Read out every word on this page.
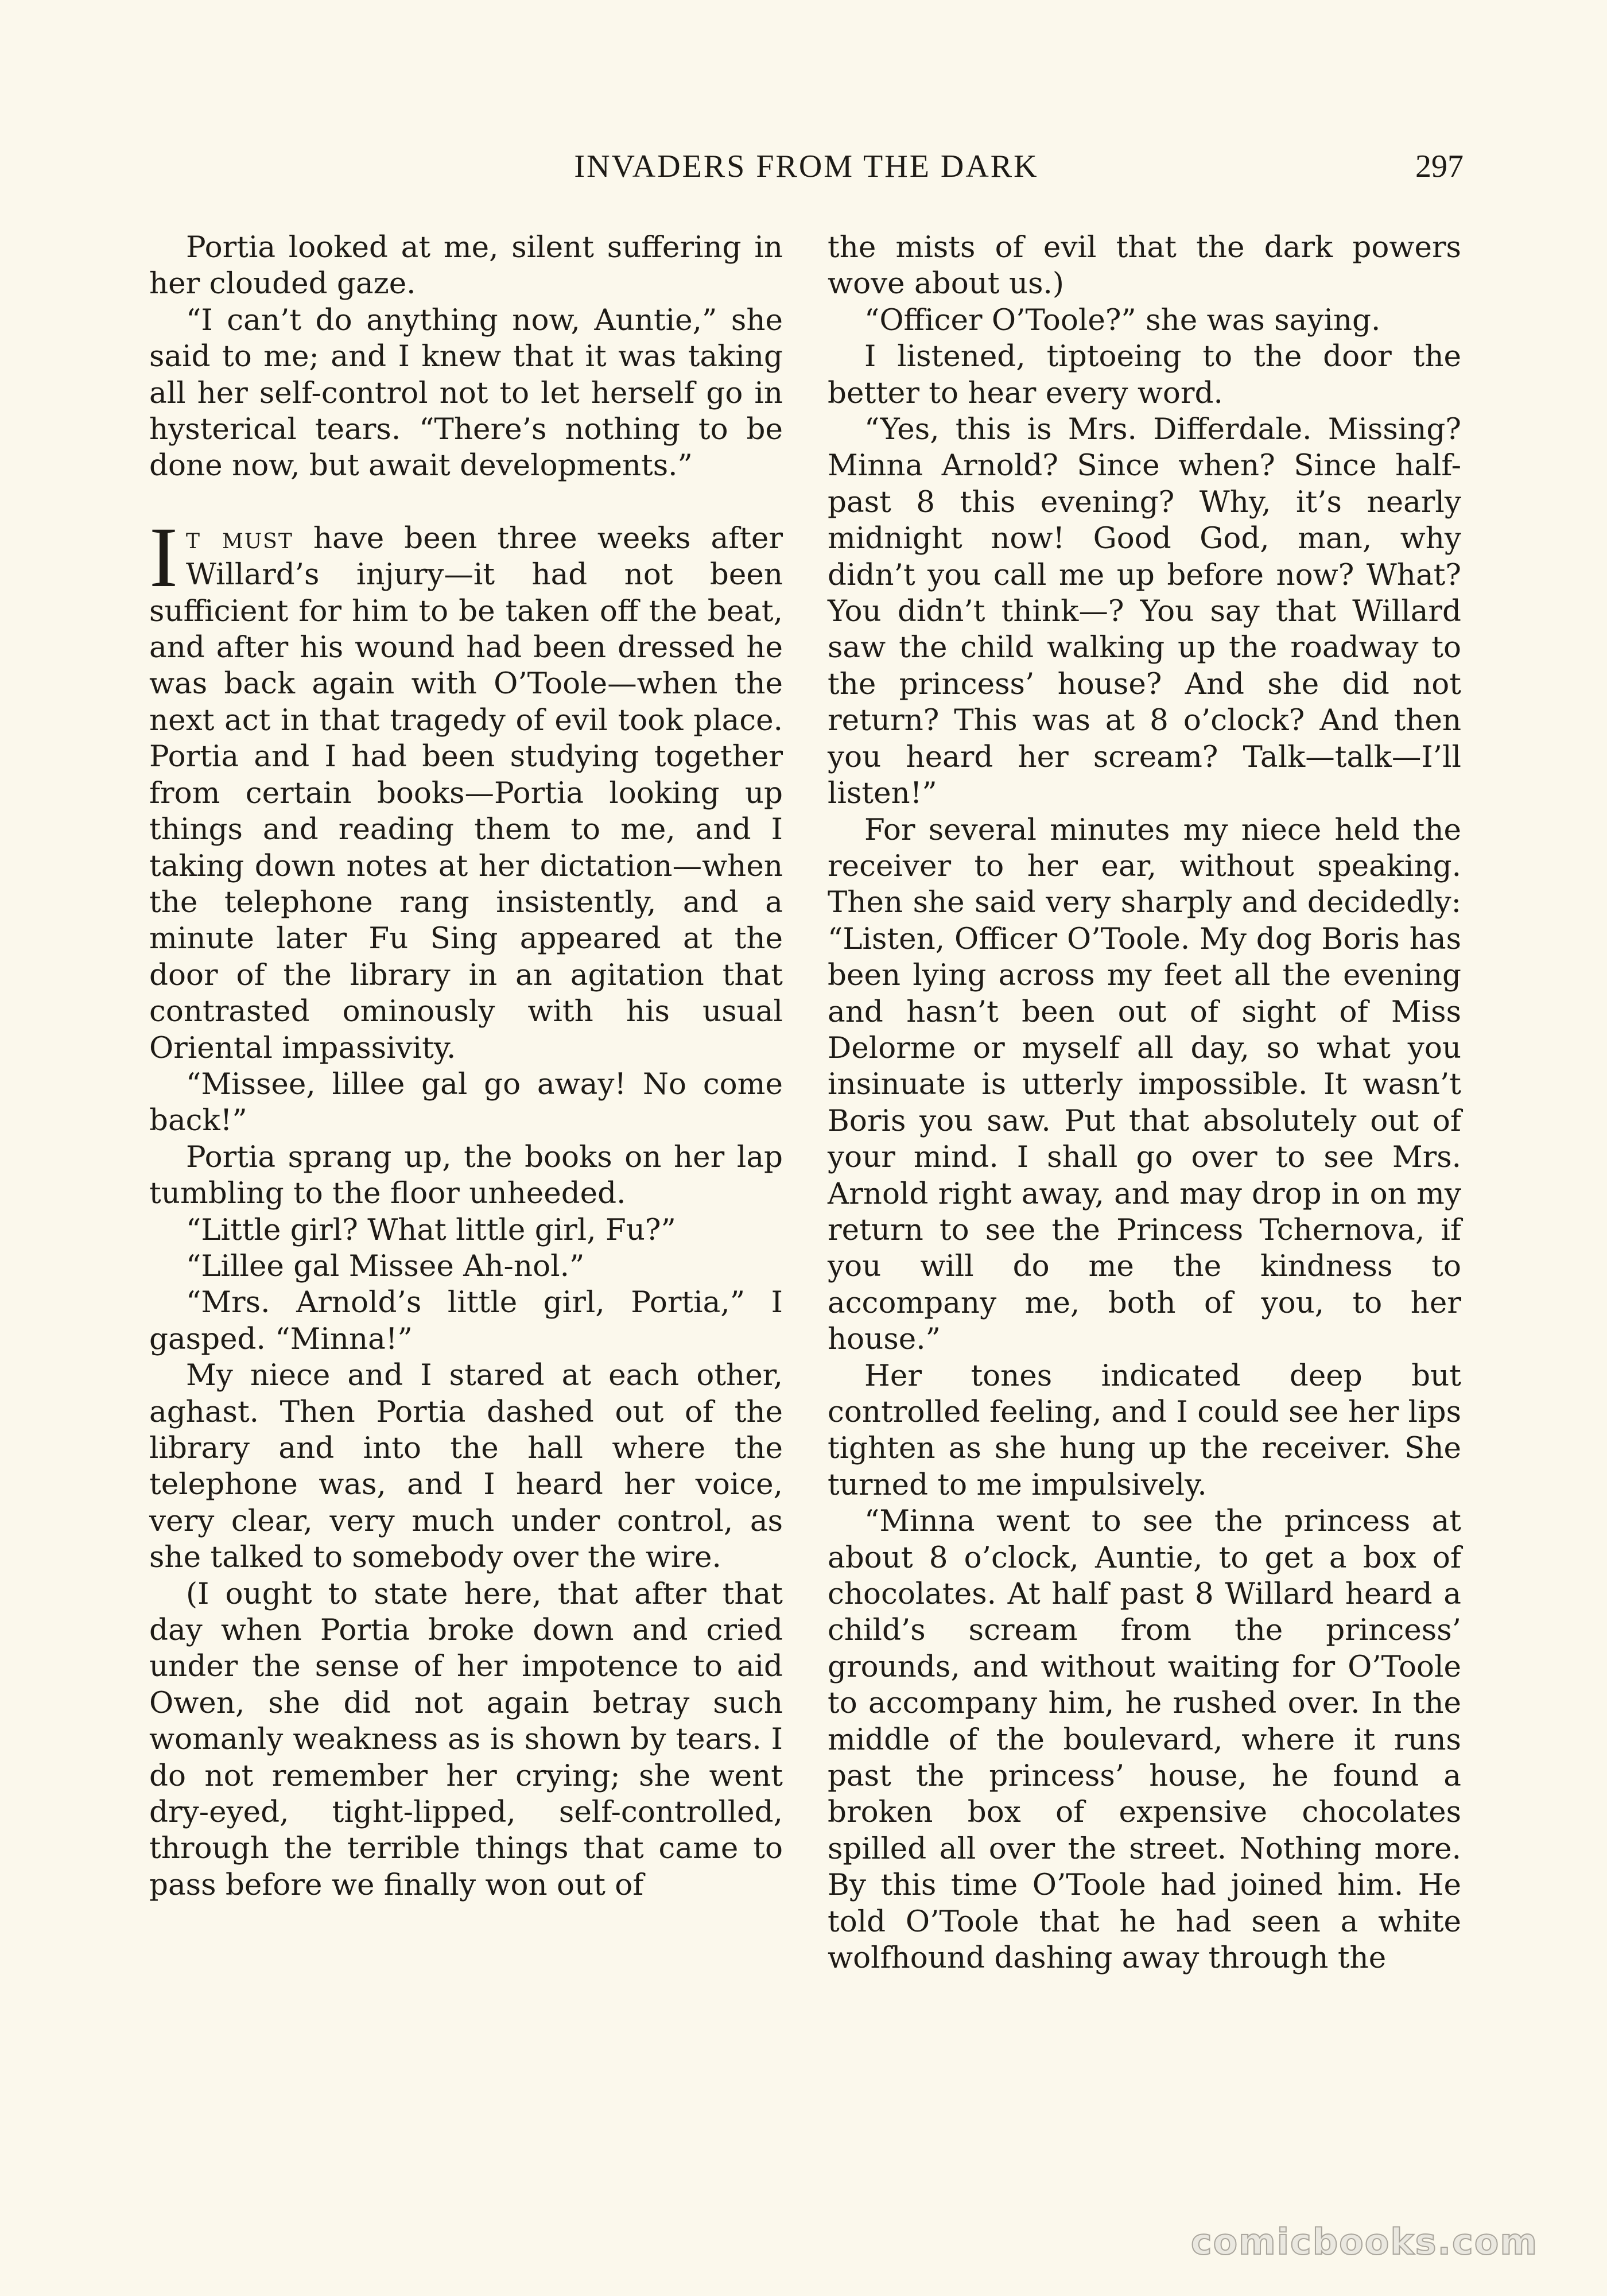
INVADERS FROM THE DARK	297

Portia looked at me, silent suffering in her clouded gaze.

“I can’t do anything now, Auntie,” she said to me; and I knew that it was taking all her self-control not to let herself go in hysterical tears. “There’s nothing to be done now, but await developments.”

It must have been three weeks after Willard’s injury—it had not been sufficient for him to be taken off the beat, and after his wound had been dressed he was back again with O’Toole—when the next act in that tragedy of evil took place. Portia and I had been studying together from certain books—Portia looking up things and reading them to me, and I taking down notes at her dictation—when the telephone rang insistently, and a minute later Fu Sing appeared at the door of the library in an agitation that contrasted ominously with his usual Oriental impassivity.

“Missee, lillee gal go away! No come back!”

Portia sprang up, the books on her lap tumbling to the floor unheeded.

“Little girl? What little girl, Fu?”

“Lillee gal Missee Ah-nol.”

“Mrs. Arnold’s little girl, Portia,” I gasped. “Minna!”

My niece and I stared at each other, aghast. Then Portia dashed out of the library and into the hall where the telephone was, and I heard her voice, very clear, very much under control, as she talked to somebody over the wire.

(I ought to state here, that after that day when Portia broke down and cried under the sense of her impotence to aid Owen, she did not again betray such womanly weakness as is shown by tears. I do not remember her crying; she went dry-eyed, tight-lipped, self-controlled, through the terrible things that came to pass before we finally won out of

the mists of evil that the dark powers wove about us.)

“Officer O’Toole?” she was saying.

I listened, tiptoeing to the door the better to hear every word.

“Yes, this is Mrs. Differdale. Missing? Minna Arnold? Since when? Since half-past 8 this evening? Why, it’s nearly midnight now! Good God, man, why didn’t you call me up before now? What? You didn’t think—? You say that Willard saw the child walking up the roadway to the princess’ house? And she did not return? This was at 8 o’clock? And then you heard her scream? Talk—talk—I’ll listen!”

For several minutes my niece held the receiver to her ear, without speaking. Then she said very sharply and decidedly: “Listen, Officer O’Toole. My dog Boris has been lying across my feet all the evening and hasn’t been out of sight of Miss Delorme or myself all day, so what you insinuate is utterly impossible. It wasn’t Boris you saw. Put that absolutely out of your mind. I shall go over to see Mrs. Arnold right away, and may drop in on my return to see the Princess Tchernova, if you will do me the kindness to accompany me, both of you, to her house.”

Her tones indicated deep but controlled feeling, and I could see her lips tighten as she hung up the receiver. She turned to me impulsively.

“Minna went to see the princess at about 8 o’clock, Auntie, to get a box of chocolates. At half past 8 Willard heard a child’s scream from the princess’ grounds, and without waiting for O’Toole to accompany him, he rushed over. In the middle of the boulevard, where it runs past the princess’ house, he found a broken box of expensive chocolates spilled all over the street. Nothing more. By this time O’Toole had joined him. He told O’Toole that he had seen a white wolfhound dashing away through the

comicbooks.com
